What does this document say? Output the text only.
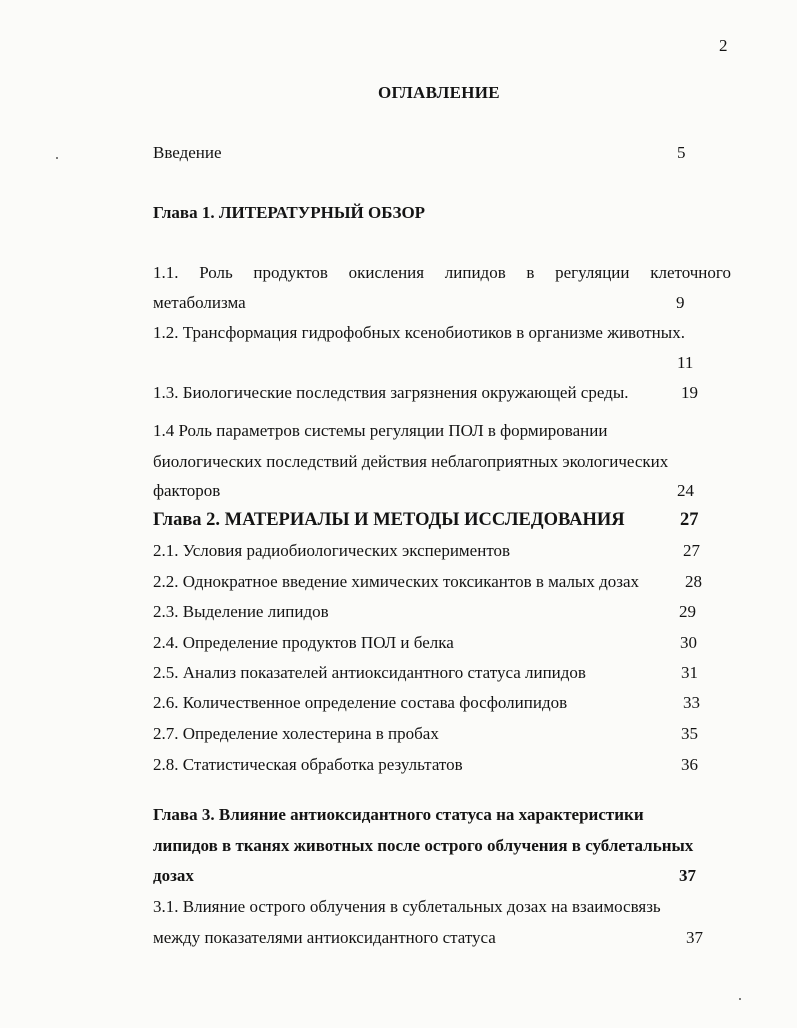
2
ОГЛАВЛЕНИЕ
Введение	5
Глава 1. ЛИТЕРАТУРНЫЙ ОБЗОР
1.1. Роль продуктов окисления липидов в регуляции клеточного
метаболизма	9
1.2. Трансформация гидрофобных ксенобиотиков в организме животных.
11
1.3. Биологические последствия загрязнения окружающей среды.	19
1.4 Роль параметров системы регуляции ПОЛ в формировании
биологических последствий действия неблагоприятных экологических
факторов	24
Глава 2. МАТЕРИАЛЫ И МЕТОДЫ ИССЛЕДОВАНИЯ	27
2.1. Условия радиобиологических экспериментов	27
2.2. Однократное введение химических токсикантов в малых дозах	28
2.3. Выделение липидов	29
2.4. Определение продуктов ПОЛ и белка	30
2.5. Анализ показателей антиоксидантного статуса липидов	31
2.6. Количественное определение состава фосфолипидов	33
2.7. Определение холестерина в пробах	35
2.8. Статистическая обработка результатов	36
Глава 3. Влияние антиоксидантного статуса на характеристики
липидов в тканях животных после острого облучения в сублетальных
дозах	37
3.1. Влияние острого облучения в сублетальных дозах на взаимосвязь
между показателями антиоксидантного статуса	37
